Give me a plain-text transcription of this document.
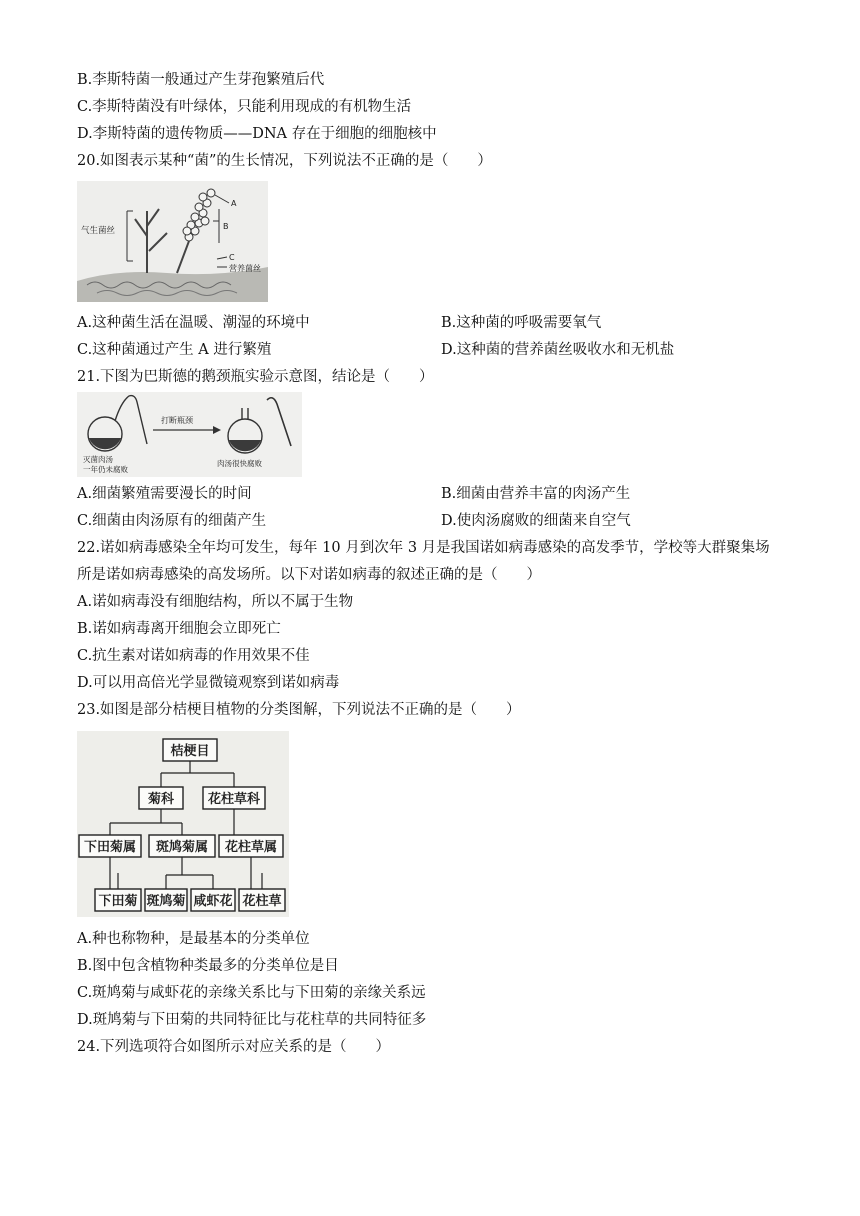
B.李斯特菌一般通过产生芽孢繁殖后代
C.李斯特菌没有叶绿体，只能利用现成的有机物生活
D.李斯特菌的遗传物质——DNA 存在于细胞的细胞核中
20.如图表示某种“菌”的生长情况，下列说法不正确的是（　　）
气生菌丝
A
B
C
营养菌丝
A.这种菌生活在温暖、潮湿的环境中	B.这种菌的呼吸需要氧气
C.这种菌通过产生 A 进行繁殖	D.这种菌的营养菌丝吸收水和无机盐
21.下图为巴斯德的鹅颈瓶实验示意图，结论是（　　）
打断瓶颈
灭菌肉汤
一年仍未腐败
肉汤很快腐败
A.细菌繁殖需要漫长的时间	B.细菌由营养丰富的肉汤产生
C.细菌由肉汤原有的细菌产生	D.使肉汤腐败的细菌来自空气
22.诺如病毒感染全年均可发生，每年 10 月到次年 3 月是我国诺如病毒感染的高发季节，学校等大群聚集场所是诺如病毒感染的高发场所。以下对诺如病毒的叙述正确的是（　　）
A.诺如病毒没有细胞结构，所以不属于生物
B.诺如病毒离开细胞会立即死亡
C.抗生素对诺如病毒的作用效果不佳
D.可以用高倍光学显微镜观察到诺如病毒
23.如图是部分桔梗目植物的分类图解，下列说法不正确的是（　　）
桔梗目
菊科	花柱草科
下田菊属 斑鸠菊属 花柱草属
下田菊 斑鸠菊 咸虾花 花柱草
A.种也称物种，是最基本的分类单位
B.图中包含植物种类最多的分类单位是目
C.斑鸠菊与咸虾花的亲缘关系比与下田菊的亲缘关系远
D.斑鸠菊与下田菊的共同特征比与花柱草的共同特征多
24.下列选项符合如图所示对应关系的是（　　）
